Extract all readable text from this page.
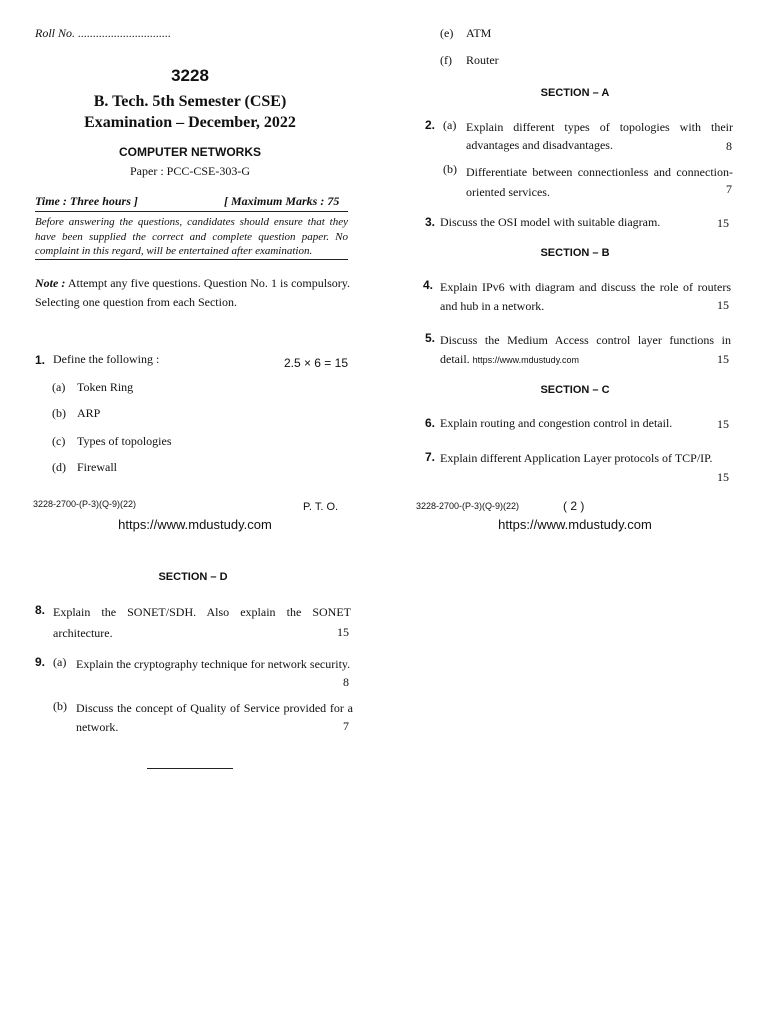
Roll No. ...............................
3228
B. Tech. 5th Semester (CSE)
Examination – December, 2022
COMPUTER NETWORKS
Paper : PCC-CSE-303-G
Time : Three hours ]	[ Maximum Marks : 75
Before answering the questions, candidates should ensure that they have been supplied the correct and complete question paper. No complaint in this regard, will be entertained after examination.
Note : Attempt any five questions. Question No. 1 is compulsory. Selecting one question from each Section.
1. Define the following :	2.5 × 6 = 15
(a) Token Ring
(b) ARP
(c) Types of topologies
(d) Firewall
3228-2700-(P-3)(Q-9)(22)	P. T. O.
https://www.mdustudy.com
(e) ATM
(f) Router
SECTION – A
2. (a) Explain different types of topologies with their advantages and disadvantages.	8
(b) Differentiate between connectionless and connection-oriented services.	7
3. Discuss the OSI model with suitable diagram.	15
SECTION – B
4. Explain IPv6 with diagram and discuss the role of routers and hub in a network.	15
5. Discuss the Medium Access control layer functions in detail. https://www.mdustudy.com	15
SECTION – C
6. Explain routing and congestion control in detail.	15
7. Explain different Application Layer protocols of TCP/IP.
15
3228-2700-(P-3)(Q-9)(22)	( 2 )
https://www.mdustudy.com
SECTION – D
8. Explain the SONET/SDH. Also explain the SONET architecture.	15
9. (a) Explain the cryptography technique for network security.
8
(b) Discuss the concept of Quality of Service provided for a network.	7
